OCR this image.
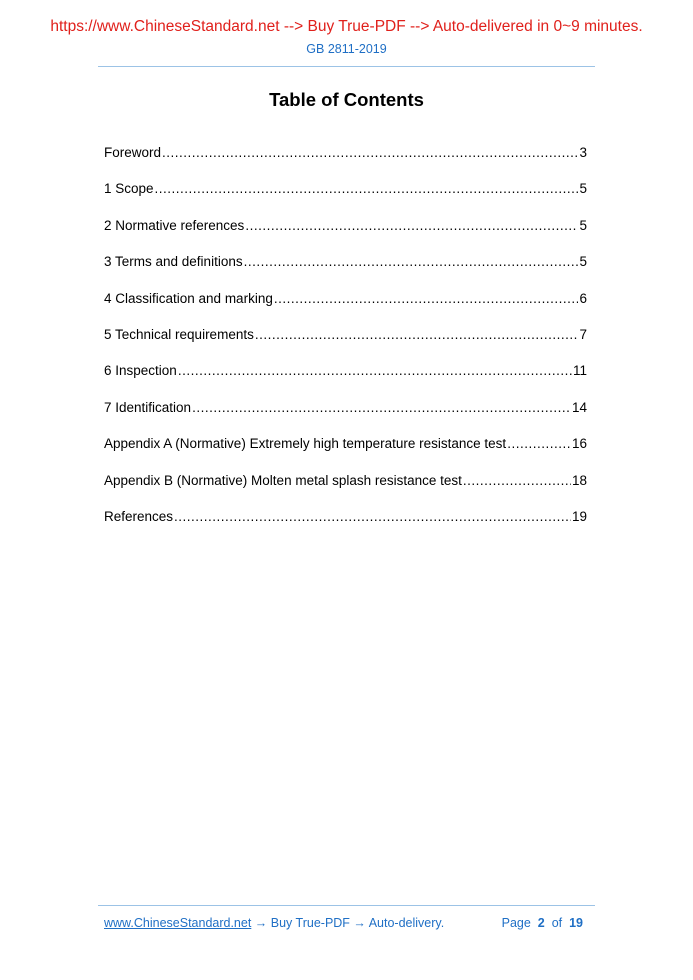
https://www.ChineseStandard.net --> Buy True-PDF --> Auto-delivered in 0~9 minutes.
GB 2811-2019
Table of Contents
Foreword .....	3
1 Scope .....	5
2 Normative references .....	5
3 Terms and definitions .....	5
4 Classification and marking .....	6
5 Technical requirements .....	7
6 Inspection .....	11
7 Identification .....	14
Appendix A (Normative) Extremely high temperature resistance test .....	16
Appendix B (Normative) Molten metal splash resistance test .....	18
References .....	19
www.ChineseStandard.net → Buy True-PDF → Auto-delivery.	Page 2 of 19
